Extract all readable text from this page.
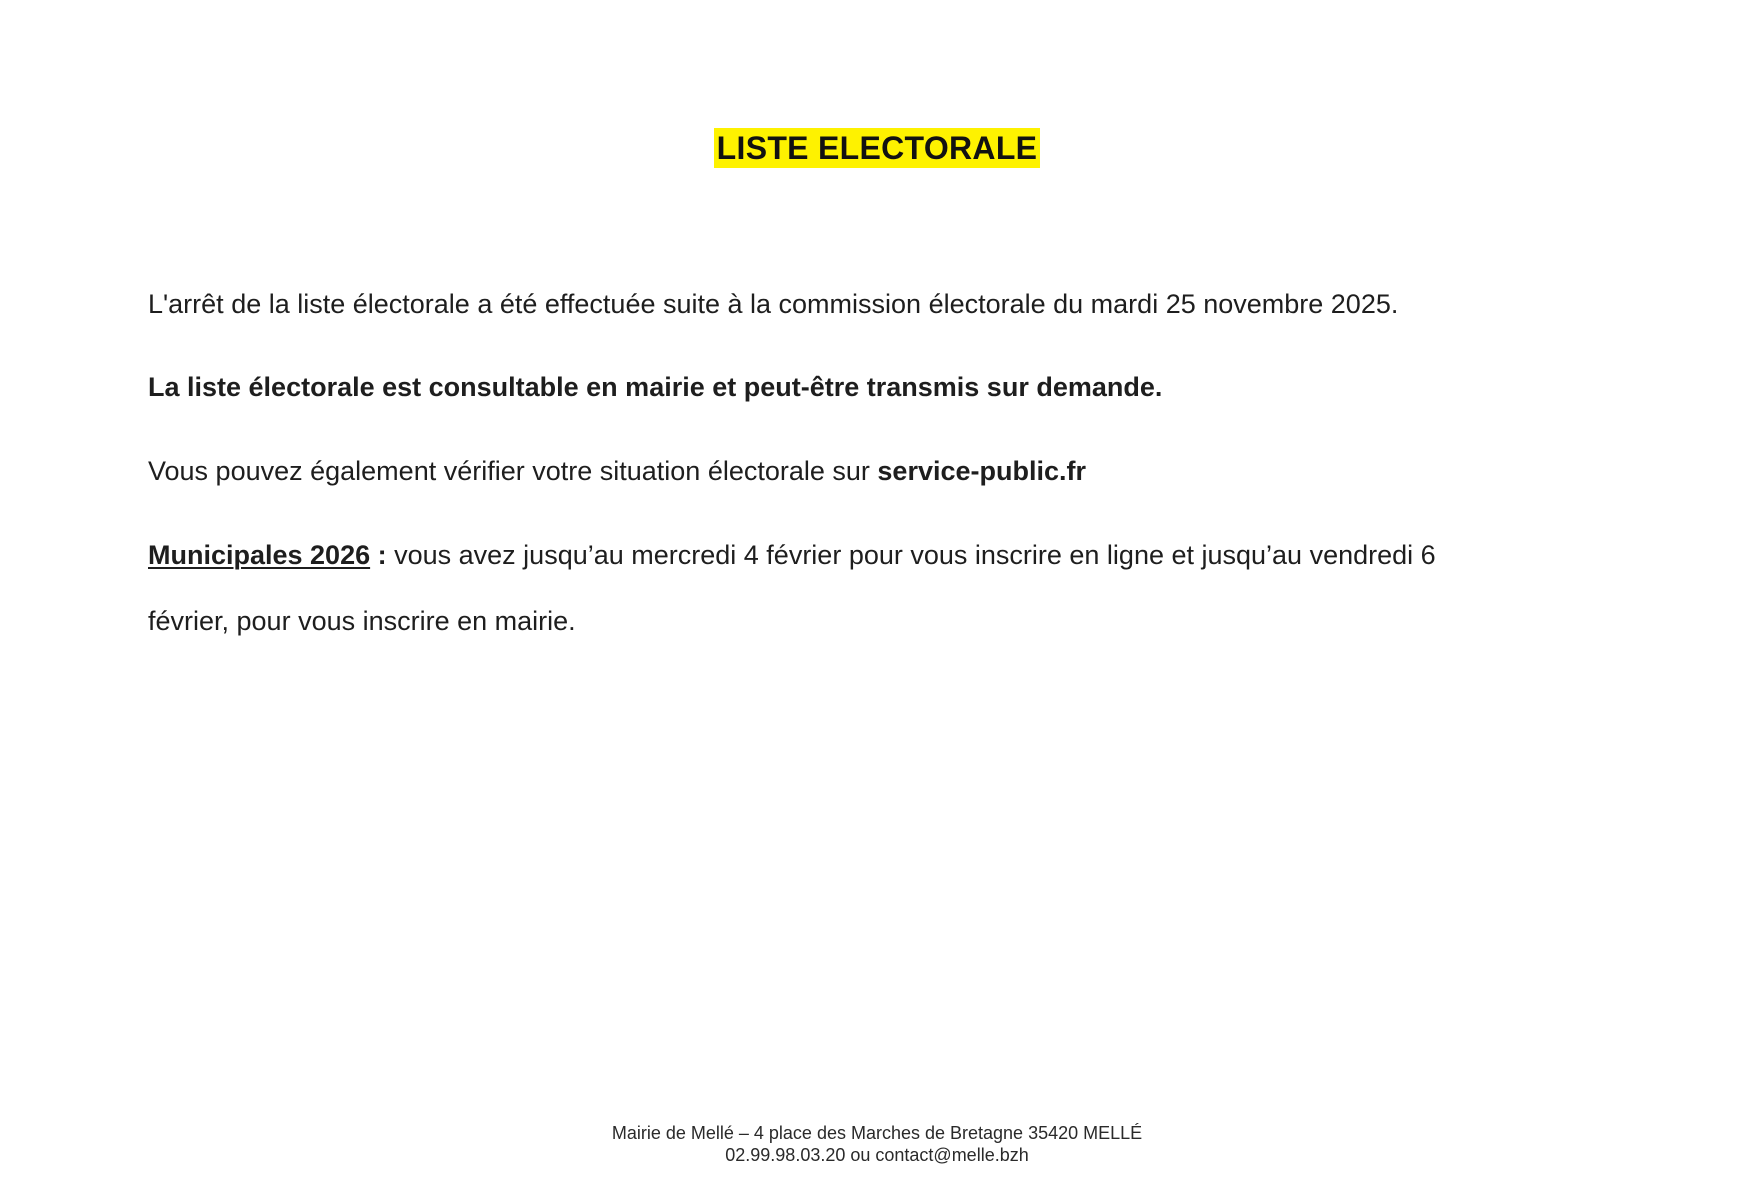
LISTE ELECTORALE

L'arrêt de la liste électorale a été effectuée suite à la commission électorale du mardi 25 novembre 2025.

La liste électorale est consultable en mairie et peut-être transmis sur demande.

Vous pouvez également vérifier votre situation électorale sur service-public.fr

Municipales 2026 : vous avez jusqu’au mercredi 4 février pour vous inscrire en ligne et jusqu’au vendredi 6

février, pour vous inscrire en mairie.

Mairie de Mellé – 4 place des Marches de Bretagne 35420 MELLÉ
02.99.98.03.20 ou contact@melle.bzh
